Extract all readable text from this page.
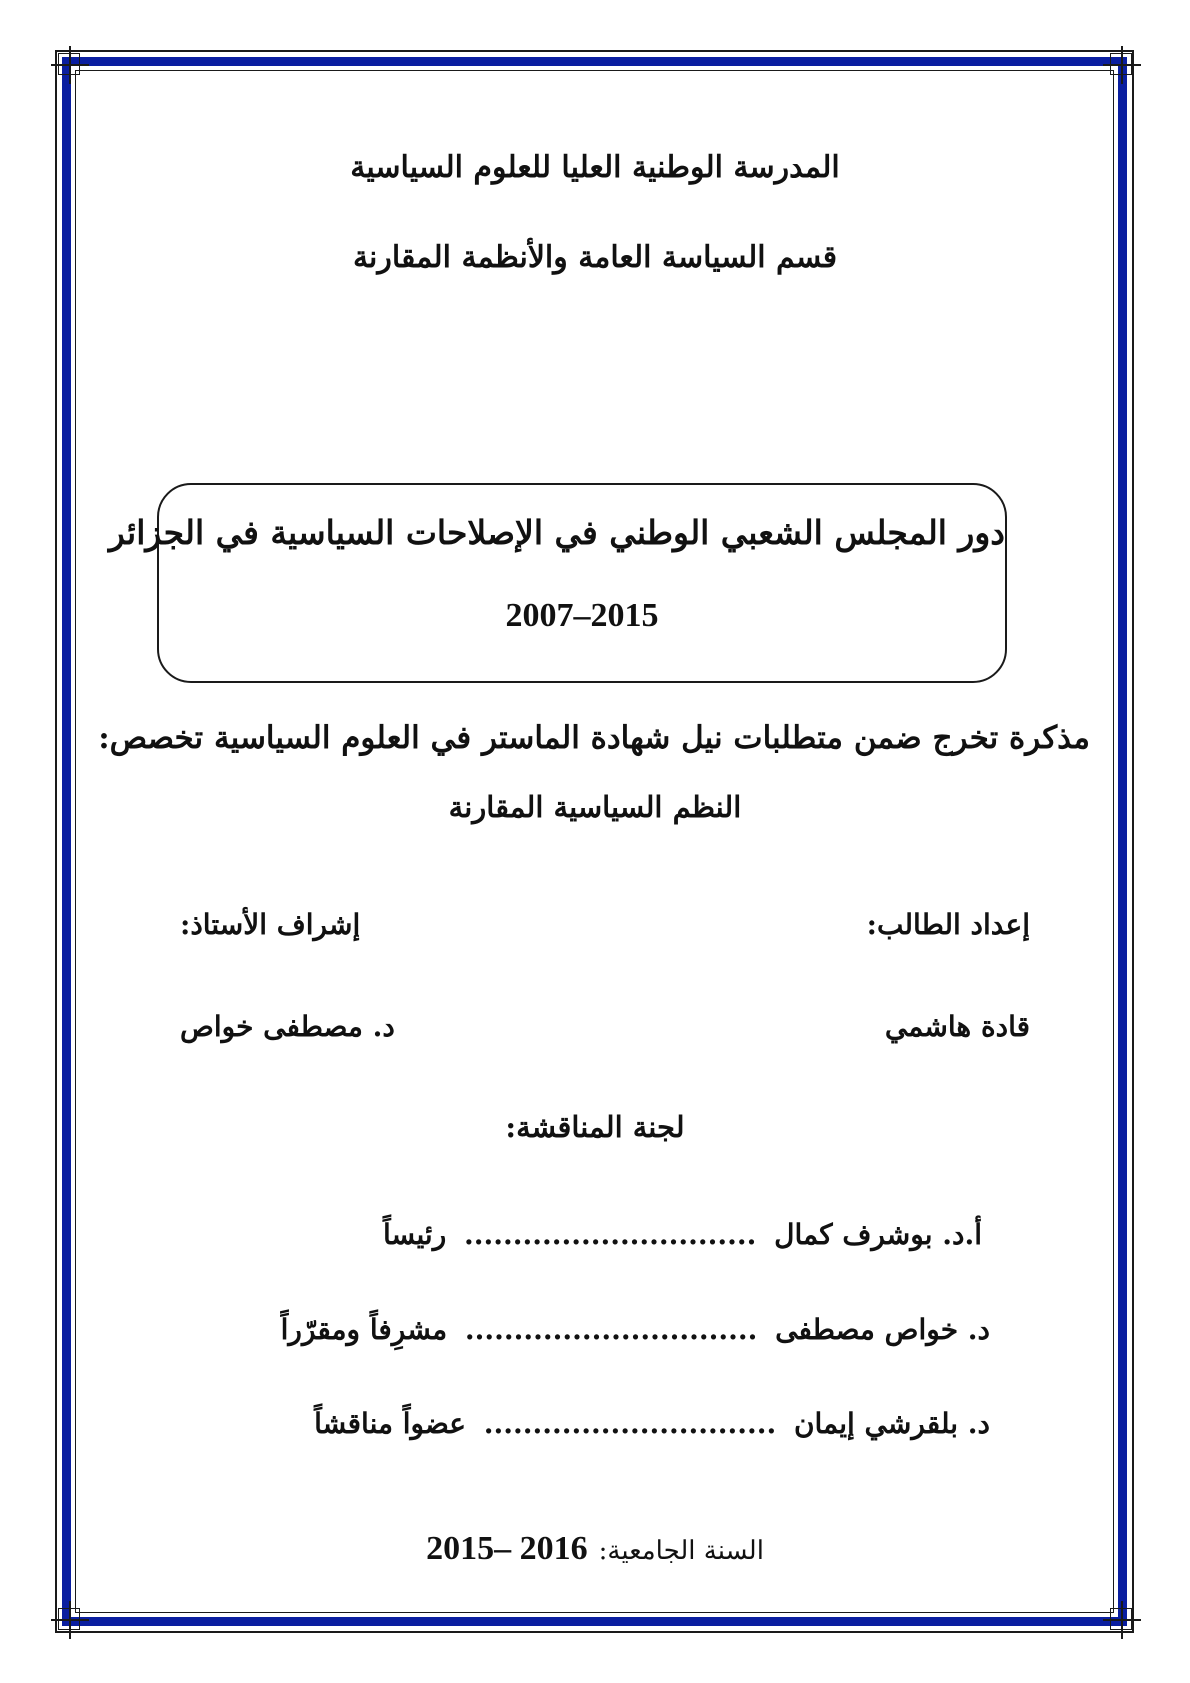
المدرسة الوطنية العليا للعلوم السياسية
قسم السياسة العامة والأنظمة المقارنة
دور المجلس الشعبي الوطني في الإصلاحات السياسية في الجزائر
2007–2015
مذكرة تخرج ضمن متطلبات نيل شهادة الماستر في العلوم السياسية تخصص:
النظم السياسية المقارنة
إعداد الطالب:
إشراف الأستاذ:
قادة هاشمي
د. مصطفى خواص
لجنة المناقشة:
أ.د. بوشرف كمال .............................. رئيساً
د. خواص مصطفى .............................. مشرِفاً ومقرّراً
د. بلقرشي إيمان .............................. عضواً مناقشاً
السنة الجامعية: 2015– 2016
